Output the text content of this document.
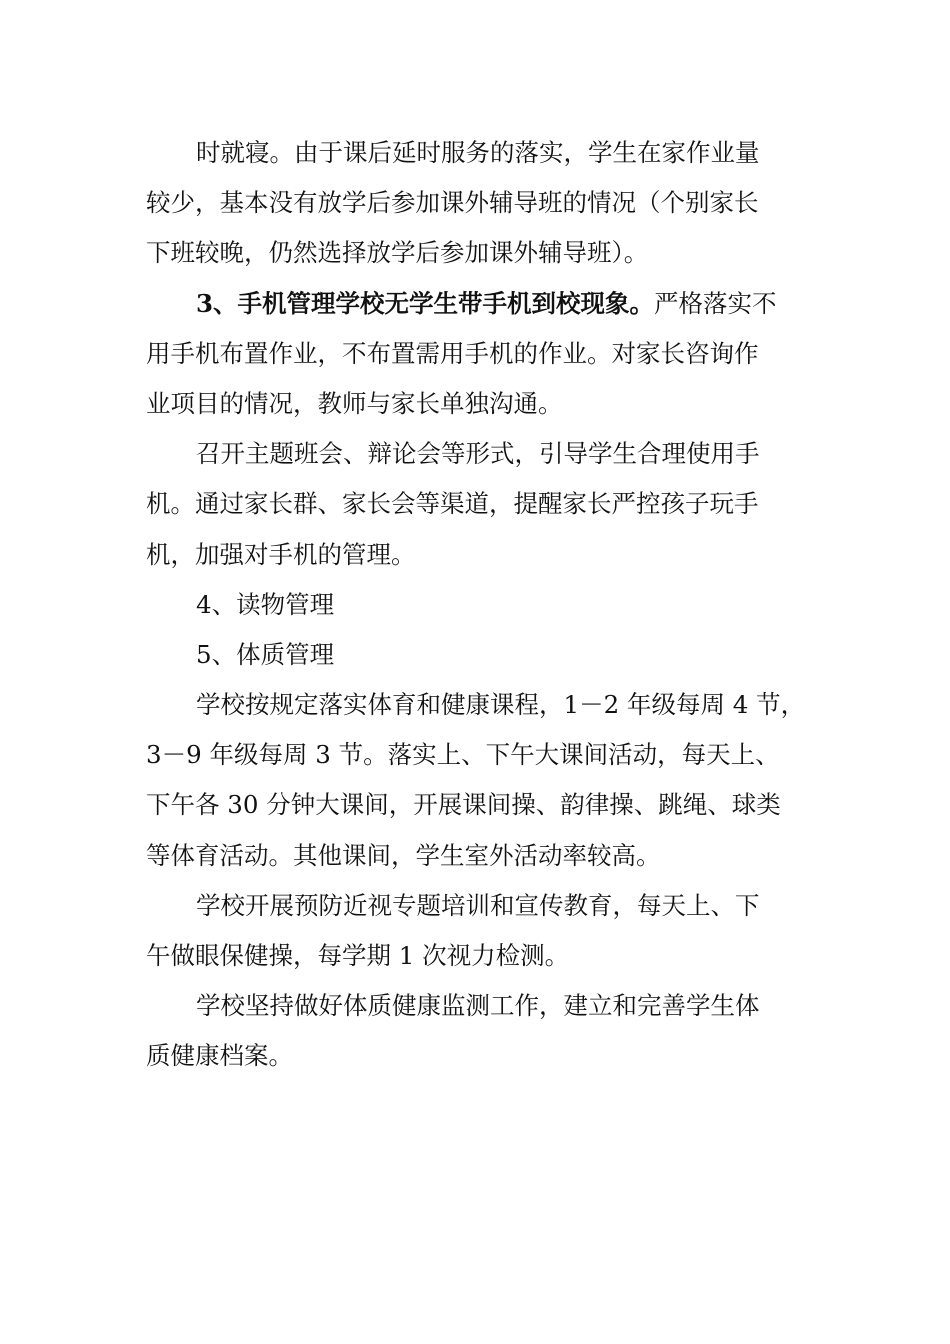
时就寝。由于课后延时服务的落实，学生在家作业量
较少，基本没有放学后参加课外辅导班的情况（个别家长
下班较晚，仍然选择放学后参加课外辅导班）。
3、手机管理学校无学生带手机到校现象。严格落实不
用手机布置作业，不布置需用手机的作业。对家长咨询作
业项目的情况，教师与家长单独沟通。
召开主题班会、辩论会等形式，引导学生合理使用手
机。通过家长群、家长会等渠道，提醒家长严控孩子玩手
机，加强对手机的管理。
4、读物管理
5、体质管理
学校按规定落实体育和健康课程，1－2 年级每周 4 节，
3－9 年级每周 3 节。落实上、下午大课间活动，每天上、
下午各 30 分钟大课间，开展课间操、韵律操、跳绳、球类
等体育活动。其他课间，学生室外活动率较高。
学校开展预防近视专题培训和宣传教育，每天上、下
午做眼保健操，每学期 1 次视力检测。
学校坚持做好体质健康监测工作，建立和完善学生体
质健康档案。
